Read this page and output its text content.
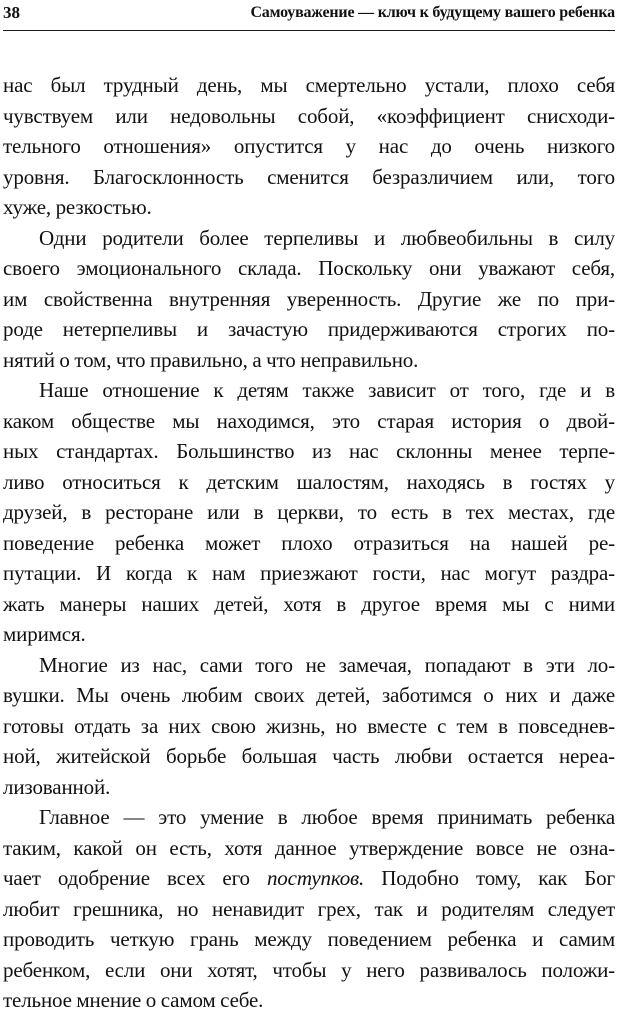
38	Самоуважение — ключ к будущему вашего ребенка
нас был трудный день, мы смертельно устали, плохо себя
чувствуем или недовольны собой, «коэффициент снисходи-
тельного отношения» опустится у нас до очень низкого
уровня. Благосклонность сменится безразличием или, того
хуже, резкостью.
Одни родители более терпеливы и любвеобильны в силу
своего эмоционального склада. Поскольку они уважают себя,
им свойственна внутренняя уверенность. Другие же по при-
роде нетерпеливы и зачастую придерживаются строгих по-
нятий о том, что правильно, а что неправильно.
Наше отношение к детям также зависит от того, где и в
каком обществе мы находимся, это старая история о двой-
ных стандартах. Большинство из нас склонны менее терпе-
ливо относиться к детским шалостям, находясь в гостях у
друзей, в ресторане или в церкви, то есть в тех местах, где
поведение ребенка может плохо отразиться на нашей ре-
путации. И когда к нам приезжают гости, нас могут раздра-
жать манеры наших детей, хотя в другое время мы с ними
миримся.
Многие из нас, сами того не замечая, попадают в эти ло-
вушки. Мы очень любим своих детей, заботимся о них и даже
готовы отдать за них свою жизнь, но вместе с тем в повседнев-
ной, житейской борьбе большая часть любви остается нереа-
лизованной.
Главное — это умение в любое время принимать ребенка
таким, какой он есть, хотя данное утверждение вовсе не озна-
чает одобрение всех его поступков. Подобно тому, как Бог
любит грешника, но ненавидит грех, так и родителям следует
проводить четкую грань между поведением ребенка и самим
ребенком, если они хотят, чтобы у него развивалось положи-
тельное мнение о самом себе.
